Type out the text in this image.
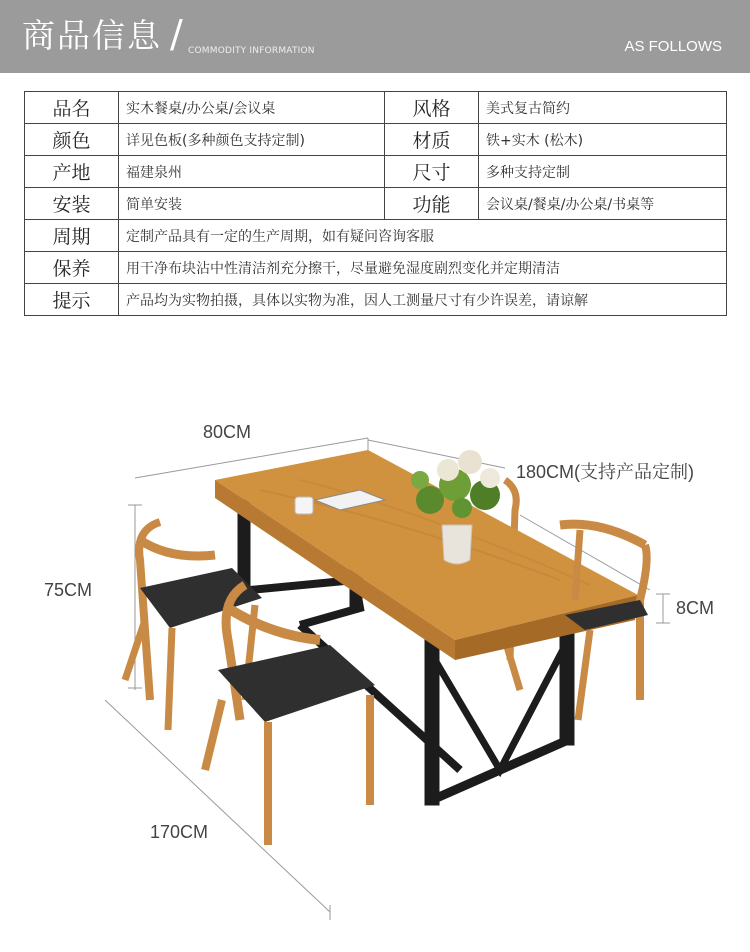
商品信息 / COMMODITY INFORMATION	AS FOLLOWS
品名	实木餐桌/办公桌/会议桌	风格	美式复古简约
颜色	详见色板(多种颜色支持定制)	材质	铁+实木 (松木)
产地	福建泉州	尺寸	多种支持定制
安装	简单安装	功能	会议桌/餐桌/办公桌/书桌等
周期	定制产品具有一定的生产周期，如有疑问咨询客服		
保养	用干净布块沾中性清洁剂充分擦干，尽量避免湿度剧烈变化并定期清洁		
提示	产品均为实物拍摄，具体以实物为准，因人工测量尺寸有少许误差，请谅解		
80CM
180CM(支持产品定制)
75CM
8CM
170CM
